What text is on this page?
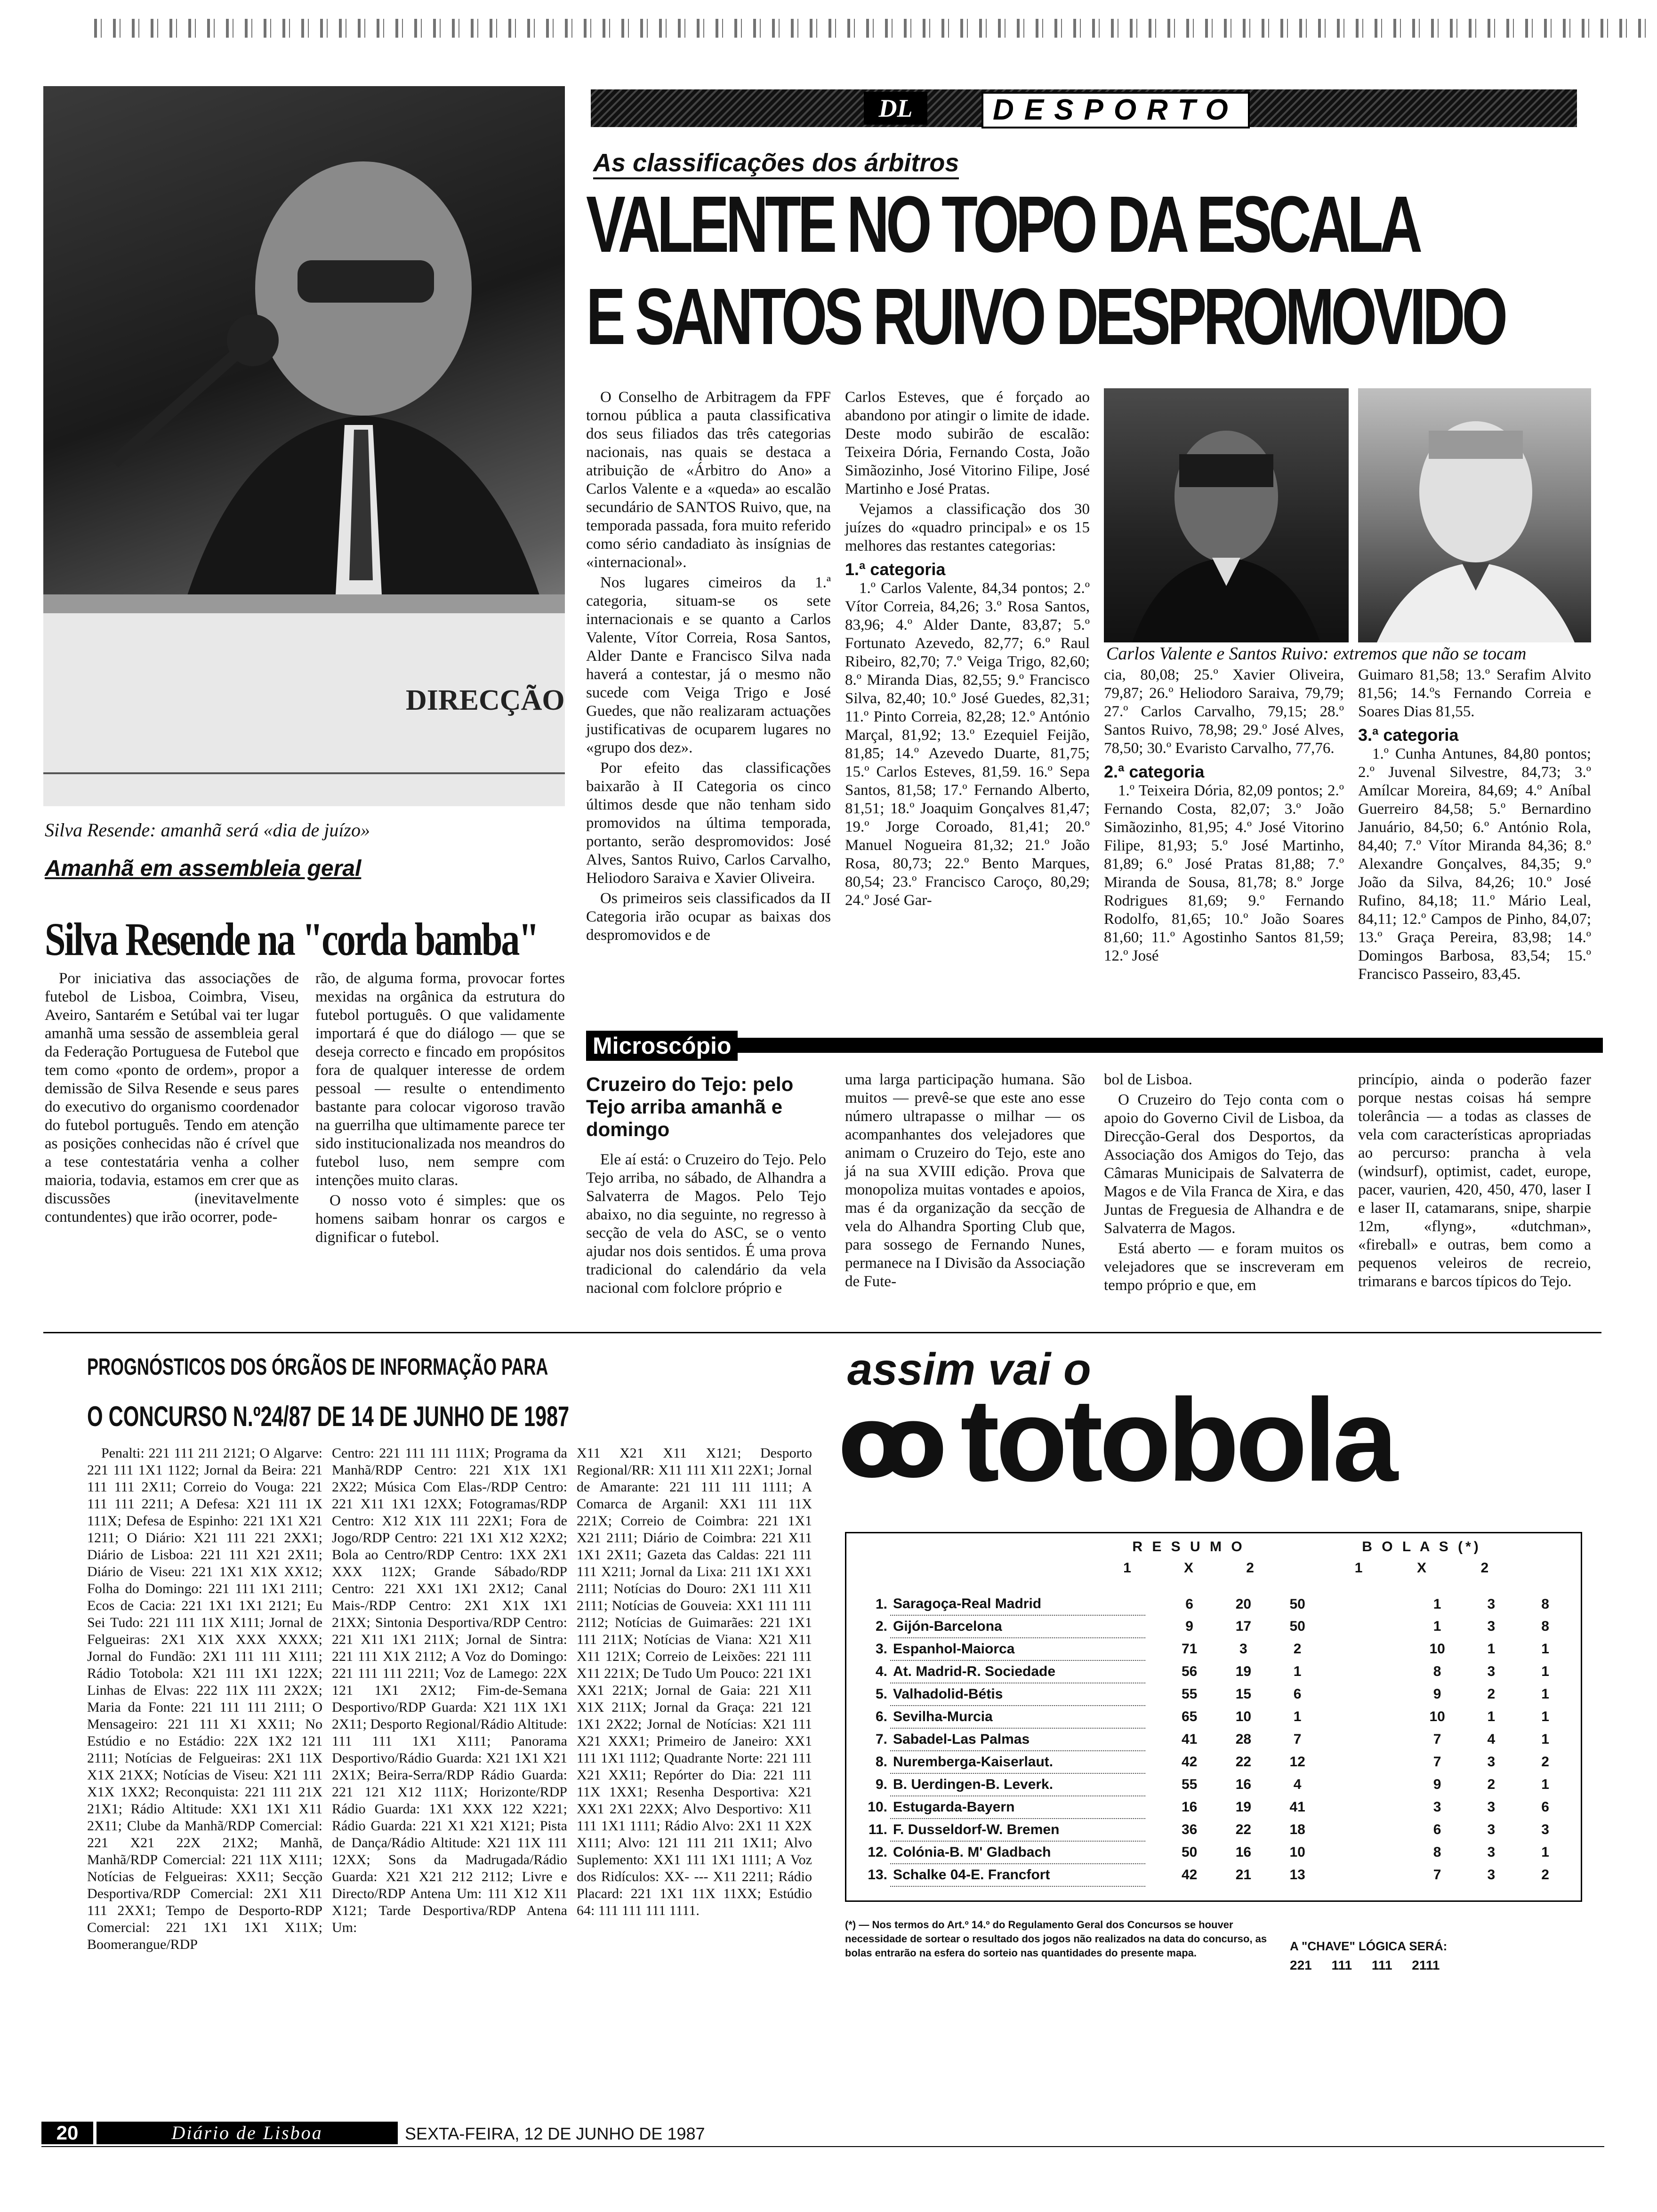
DIRECÇÃO
Silva Resende: amanhã será «dia de juízo»
Amanhã em assembleia geral
Silva Resende na "corda bamba"

Por iniciativa das associações de futebol de Lisboa, Coimbra, Viseu, Aveiro, Santarém e Setúbal vai ter lugar amanhã uma sessão de assembleia geral da Federação Portuguesa de Futebol que tem como «ponto de ordem», propor a demissão de Silva Resende e seus pares do executivo do organismo coordenador do futebol português. Tendo em atenção as posições conhecidas não é crível que a tese contestatária venha a colher maioria, todavia, estamos em crer que as discussões (inevitavelmente contundentes) que irão ocorrer, pode-

rão, de alguma forma, provocar fortes mexidas na orgânica da estrutura do futebol português. O que validamente importará é que do diálogo — que se deseja correcto e fincado em propósitos fora de qualquer interesse de ordem pessoal — resulte o entendimento bastante para colocar vigoroso travão na guerrilha que ultimamente parece ter sido institucionalizada nos meandros do futebol luso, nem sempre com intenções muito claras.

O nosso voto é simples: que os homens saibam honrar os cargos e dignificar o futebol.

DL	DESPORTO
As classificações dos árbitros
VALENTE NO TOPO DA ESCALA
E SANTOS RUIVO DESPROMOVIDO

O Conselho de Arbitragem da FPF tornou pública a pauta classificativa dos seus filiados das três categorias nacionais, nas quais se destaca a atribuição de «Árbitro do Ano» a Carlos Valente e a «queda» ao escalão secundário de SANTOS Ruivo, que, na temporada passada, fora muito referido como sério candadiato às insígnias de «internacional».

Nos lugares cimeiros da 1.ª categoria, situam-se os sete internacionais e se quanto a Carlos Valente, Vítor Correia, Rosa Santos, Alder Dante e Francisco Silva nada haverá a contestar, já o mesmo não sucede com Veiga Trigo e José Guedes, que não realizaram actuações justificativas de ocuparem lugares no «grupo dos dez».

Por efeito das classificações baixarão à II Categoria os cinco últimos desde que não tenham sido promovidos na última temporada, portanto, serão despromovidos: José Alves, Santos Ruivo, Carlos Carvalho, Heliodoro Saraiva e Xavier Oliveira.

Os primeiros seis classificados da II Categoria irão ocupar as baixas dos despromovidos e de

Carlos Esteves, que é forçado ao abandono por atingir o limite de idade. Deste modo subirão de escalão: Teixeira Dória, Fernando Costa, João Simãozinho, José Vitorino Filipe, José Martinho e José Pratas.

Vejamos a classificação dos 30 juízes do «quadro principal» e os 15 melhores das restantes categorias:

1.ª categoria

1.º Carlos Valente, 84,34 pontos; 2.º Vítor Correia, 84,26; 3.º Rosa Santos, 83,96; 4.º Alder Dante, 83,87; 5.º Fortunato Azevedo, 82,77; 6.º Raul Ribeiro, 82,70; 7.º Veiga Trigo, 82,60; 8.º Miranda Dias, 82,55; 9.º Francisco Silva, 82,40; 10.º José Guedes, 82,31; 11.º Pinto Correia, 82,28; 12.º António Marçal, 81,92; 13.º Ezequiel Feijão, 81,85; 14.º Azevedo Duarte, 81,75; 15.º Carlos Esteves, 81,59. 16.º Sepa Santos, 81,58; 17.º Fernando Alberto, 81,51; 18.º Joaquim Gonçalves 81,47; 19.º Jorge Coroado, 81,41; 20.º Manuel Nogueira 81,32; 21.º João Rosa, 80,73; 22.º Bento Marques, 80,54; 23.º Francisco Caroço, 80,29; 24.º José Gar-

Carlos Valente e Santos Ruivo: extremos que não se tocam

cia, 80,08; 25.º Xavier Oliveira, 79,87; 26.º Heliodoro Saraiva, 79,79; 27.º Carlos Carvalho, 79,15; 28.º Santos Ruivo, 78,98; 29.º José Alves, 78,50; 30.º Evaristo Carvalho, 77,76.

2.ª categoria

1.º Teixeira Dória, 82,09 pontos; 2.º Fernando Costa, 82,07; 3.º João Simãozinho, 81,95; 4.º José Vitorino Filipe, 81,93; 5.º José Martinho, 81,89; 6.º José Pratas 81,88; 7.º Miranda de Sousa, 81,78; 8.º Jorge Rodrigues 81,69; 9.º Fernando Rodolfo, 81,65; 10.º João Soares 81,60; 11.º Agostinho Santos 81,59; 12.º José

Guimaro 81,58; 13.º Serafim Alvito 81,56; 14.ºs Fernando Correia e Soares Dias 81,55.

3.ª categoria

1.º Cunha Antunes, 84,80 pontos; 2.º Juvenal Silvestre, 84,73; 3.º Amílcar Moreira, 84,69; 4.º Aníbal Guerreiro 84,58; 5.º Bernardino Januário, 84,50; 6.º António Rola, 84,40; 7.º Vítor Miranda 84,36; 8.º Alexandre Gonçalves, 84,35; 9.º João da Silva, 84,26; 10.º José Rufino, 84,18; 11.º Mário Leal, 84,11; 12.º Campos de Pinho, 84,07; 13.º Graça Pereira, 83,98; 14.º Domingos Barbosa, 83,54; 15.º Francisco Passeiro, 83,45.

Microscópio
Cruzeiro do Tejo: pelo Tejo arriba amanhã e domingo

Ele aí está: o Cruzeiro do Tejo. Pelo Tejo arriba, no sábado, de Alhandra a Salvaterra de Magos. Pelo Tejo abaixo, no dia seguinte, no regresso à secção de vela do ASC, se o vento ajudar nos dois sentidos. É uma prova tradicional do calendário da vela nacional com folclore próprio e

uma larga participação humana. São muitos — prevê-se que este ano esse número ultrapasse o milhar — os acompanhantes dos velejadores que animam o Cruzeiro do Tejo, este ano já na sua XVIII edição. Prova que monopoliza muitas vontades e apoios, mas é da organização da secção de vela do Alhandra Sporting Club que, para sossego de Fernando Nunes, permanece na I Divisão da Associação de Fute-

bol de Lisboa.

O Cruzeiro do Tejo conta com o apoio do Governo Civil de Lisboa, da Direcção-Geral dos Desportos, da Associação dos Amigos do Tejo, das Câmaras Municipais de Salvaterra de Magos e de Vila Franca de Xira, e das Juntas de Freguesia de Alhandra e de Salvaterra de Magos.

Está aberto — e foram muitos os velejadores que se inscreveram em tempo próprio e que, em

princípio, ainda o poderão fazer porque nestas coisas há sempre tolerância — a todas as classes de vela com características apropriadas ao percurso: prancha à vela (windsurf), optimist, cadet, europe, pacer, vaurien, 420, 450, 470, laser I e laser II, catamarans, snipe, sharpie 12m, «flyng», «dutchman», «fireball» e outras, bem como a pequenos veleiros de recreio, trimarans e barcos típicos do Tejo.

PROGNÓSTICOS DOS ÓRGÃOS DE INFORMAÇÃO PARA
O CONCURSO N.º24/87 DE 14 DE JUNHO DE 1987

Penalti: 221 111 211 2121; O Algarve: 221 111 1X1 1122; Jornal da Beira: 221 111 111 2X11; Correio do Vouga: 221 111 111 2211; A Defesa: X21 111 1X 111X; Defesa de Espinho: 221 1X1 X21 1211; O Diário: X21 111 221 2XX1; Diário de Lisboa: 221 111 X21 2X11; Diário de Viseu: 221 1X1 X1X XX12; Folha do Domingo: 221 111 1X1 2111; Ecos de Cacia: 221 1X1 1X1 2121; Eu Sei Tudo: 221 111 11X X111; Jornal de Felgueiras: 2X1 X1X XXX XXXX; Jornal do Fundão: 2X1 111 111 X111; Rádio Totobola: X21 111 1X1 122X; Linhas de Elvas: 222 11X 111 2X2X; Maria da Fonte: 221 111 111 2111; O Mensageiro: 221 111 X1 XX11; No Estúdio e no Estádio: 22X 1X2 121 2111; Notícias de Felgueiras: 2X1 11X X1X 21XX; Notícias de Viseu: X21 111 X1X 1XX2; Reconquista: 221 111 21X 21X1; Rádio Altitude: XX1 1X1 X11 2X11; Clube da Manhã/RDP Comercial: 221 X21 22X 21X2; Manhã, Manhã/RDP Comercial: 221 11X X111; Notícias de Felgueiras: XX11; Secção Desportiva/RDP Comercial: 2X1 X11 111 2XX1; Tempo de Desporto-RDP Comercial: 221 1X1 1X1 X11X; Boomerangue/RDP

Centro: 221 111 111 111X; Programa da Manhã/RDP Centro: 221 X1X 1X1 2X22; Música Com Elas-/RDP Centro: 221 X11 1X1 12XX; Fotogramas/RDP Centro: X12 X1X 111 22X1; Fora de Jogo/RDP Centro: 221 1X1 X12 X2X2; Bola ao Centro/RDP Centro: 1XX 2X1 XXX 112X; Grande Sábado/RDP Centro: 221 XX1 1X1 2X12; Canal Mais-/RDP Centro: 2X1 X1X 1X1 21XX; Sintonia Desportiva/RDP Centro: 221 X11 1X1 211X; Jornal de Sintra: 221 111 X1X 2112; A Voz do Domingo: 221 111 111 2211; Voz de Lamego: 22X 121 1X1 2X12; Fim-de-Semana Desportivo/RDP Guarda: X21 11X 1X1 2X11; Desporto Regional/Rádio Altitude: 111 111 1X1 X111; Panorama Desportivo/Rádio Guarda: X21 1X1 X21 2X1X; Beira-Serra/RDP Rádio Guarda: 221 121 X12 111X; Horizonte/RDP Rádio Guarda: 1X1 XXX 122 X221; Rádio Guarda: 221 X1 X21 X121; Pista de Dança/Rádio Altitude: X21 11X 111 12XX; Sons da Madrugada/Rádio Guarda: X21 X21 212 2112; Livre e Directo/RDP Antena Um: 111 X12 X11 X121; Tarde Desportiva/RDP Antena Um:

X11 X21 X11 X121; Desporto Regional/RR: X11 111 X11 22X1; Jornal de Amarante: 221 111 111 1111; A Comarca de Arganil: XX1 111 11X 221X; Correio de Coimbra: 221 1X1 X21 2111; Diário de Coimbra: 221 X11 1X1 2X11; Gazeta das Caldas: 221 111 111 X211; Jornal da Lixa: 211 1X1 XX1 2111; Notícias do Douro: 2X1 111 X11 2111; Notícias de Gouveia: XX1 111 111 2112; Notícias de Guimarães: 221 1X1 111 211X; Notícias de Viana: X21 X11 X11 121X; Correio de Leixões: 221 111 X11 221X; De Tudo Um Pouco: 221 1X1 XX1 221X; Jornal de Gaia: 221 X11 X1X 211X; Jornal da Graça: 221 121 1X1 2X22; Jornal de Notícias: X21 111 X21 XXX1; Primeiro de Janeiro: XX1 111 1X1 1112; Quadrante Norte: 221 111 X21 XX11; Repórter do Dia: 221 111 11X 1XX1; Resenha Desportiva: X21 XX1 2X1 22XX; Alvo Desportivo: X11 111 1X1 1111; Rádio Alvo: 2X1 11 X2X X111; Alvo: 121 111 211 1X11; Alvo Suplemento: XX1 111 1X1 1111; A Voz dos Ridículos: XX- --- X11 2211; Rádio Placard: 221 1X1 11X 11XX; Estúdio 64: 111 111 111 1111.

assim vai o
ꝏ totobola
R E S U M O	B O L A S (*)
1	X	2	1	X	2
1.	Saragoça-Real Madrid		6	20	50		1	3	8
2.	Gijón-Barcelona		9	17	50		1	3	8
3.	Espanhol-Maiorca		71	3	2		10	1	1
4.	At. Madrid-R. Sociedade		56	19	1		8	3	1
5.	Valhadolid-Bétis		55	15	6		9	2	1
6.	Sevilha-Murcia		65	10	1		10	1	1
7.	Sabadel-Las Palmas		41	28	7		7	4	1
8.	Nuremberga-Kaiserlaut.		42	22	12		7	3	2
9.	B. Uerdingen-B. Leverk.		55	16	4		9	2	1
10.	Estugarda-Bayern		16	19	41		3	3	6
11.	F. Dusseldorf-W. Bremen		36	22	18		6	3	3
12.	Colónia-B. M' Gladbach		50	16	10		8	3	1
13.	Schalke 04-E. Francfort		42	21	13		7	3	2
(*) — Nos termos do Art.º 14.º do Regulamento Geral dos Concursos se houver necessidade de sortear o resultado dos jogos não realizados na data do concurso, as bolas entrarão na esfera do sorteio nas quantidades do presente mapa.	A "CHAVE" LÓGICA SERÁ:
221 111 111 2111
20	Diário de Lisboa	SEXTA-FEIRA, 12 DE JUNHO DE 1987
